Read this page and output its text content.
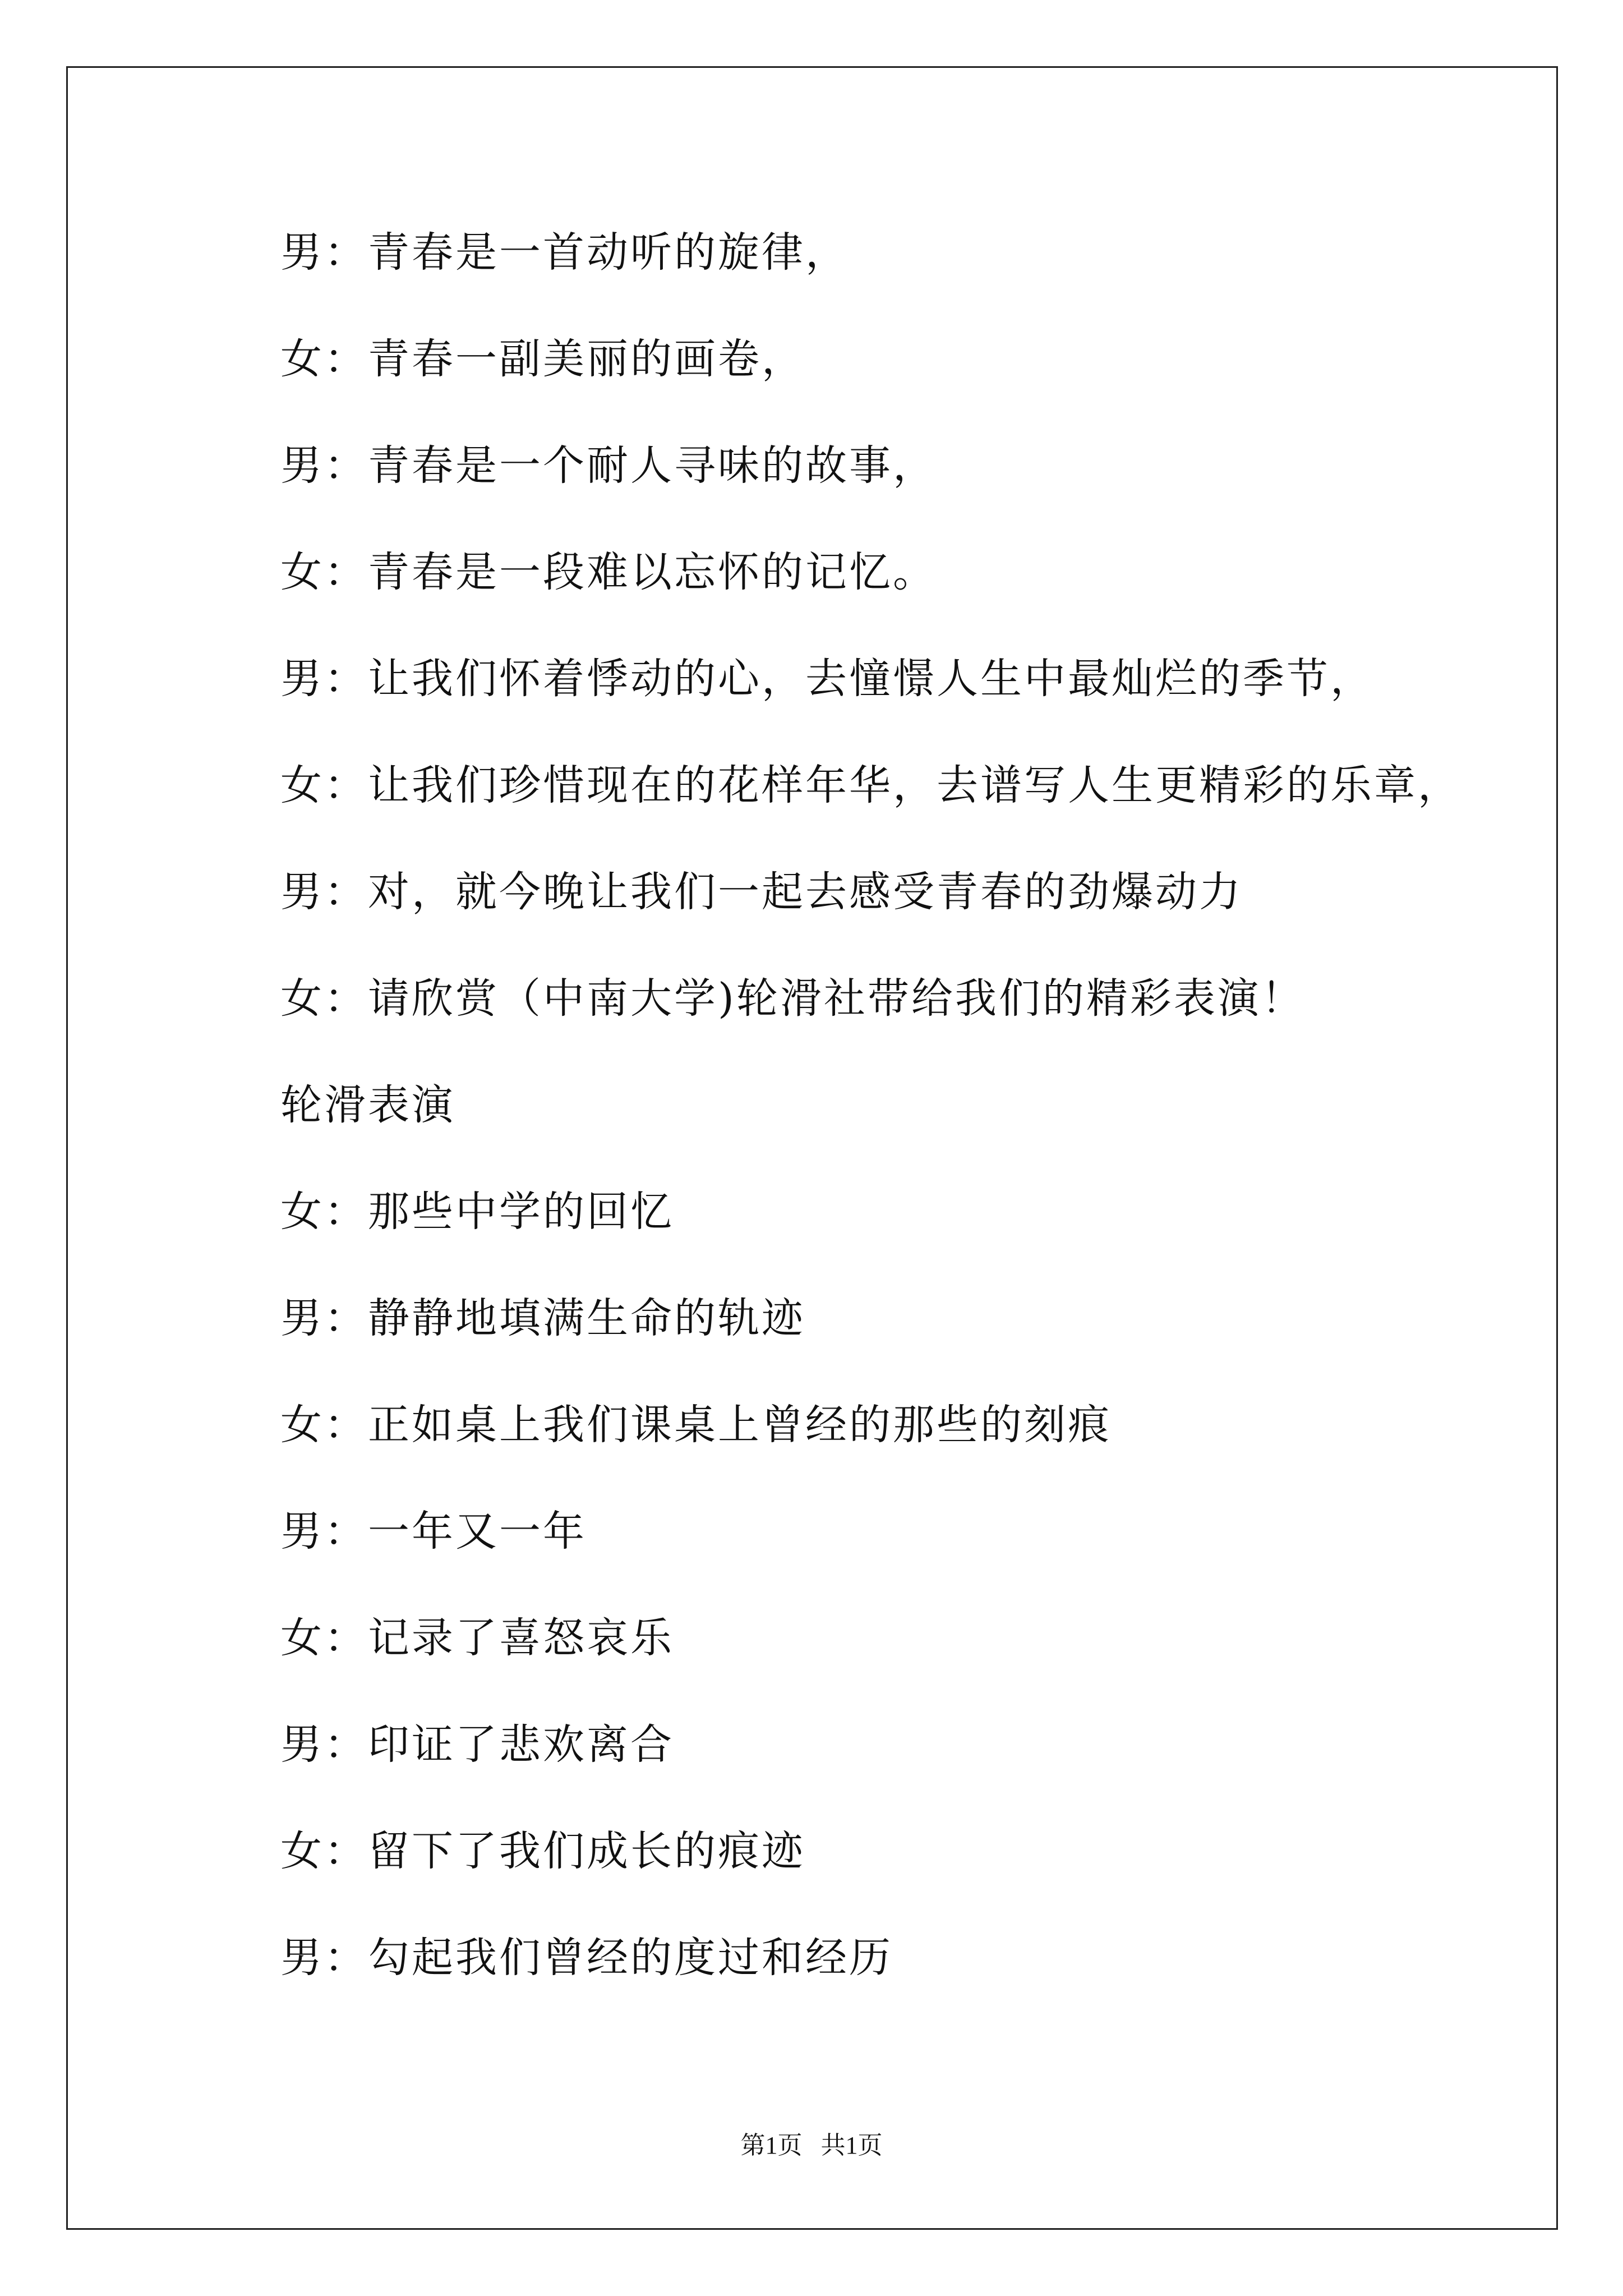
男：青春是一首动听的旋律，
女：青春一副美丽的画卷，
男：青春是一个耐人寻味的故事，
女：青春是一段难以忘怀的记忆。
男：让我们怀着悸动的心，去憧憬人生中最灿烂的季节，
女：让我们珍惜现在的花样年华，去谱写人生更精彩的乐章，
男：对，就今晚让我们一起去感受青春的劲爆动力
女：请欣赏（中南大学)轮滑社带给我们的精彩表演！
轮滑表演
女：那些中学的回忆
男：静静地填满生命的轨迹
女：正如桌上我们课桌上曾经的那些的刻痕
男：一年又一年
女：记录了喜怒哀乐
男：印证了悲欢离合
女：留下了我们成长的痕迹
男：勾起我们曾经的度过和经历
第1页   共1页
